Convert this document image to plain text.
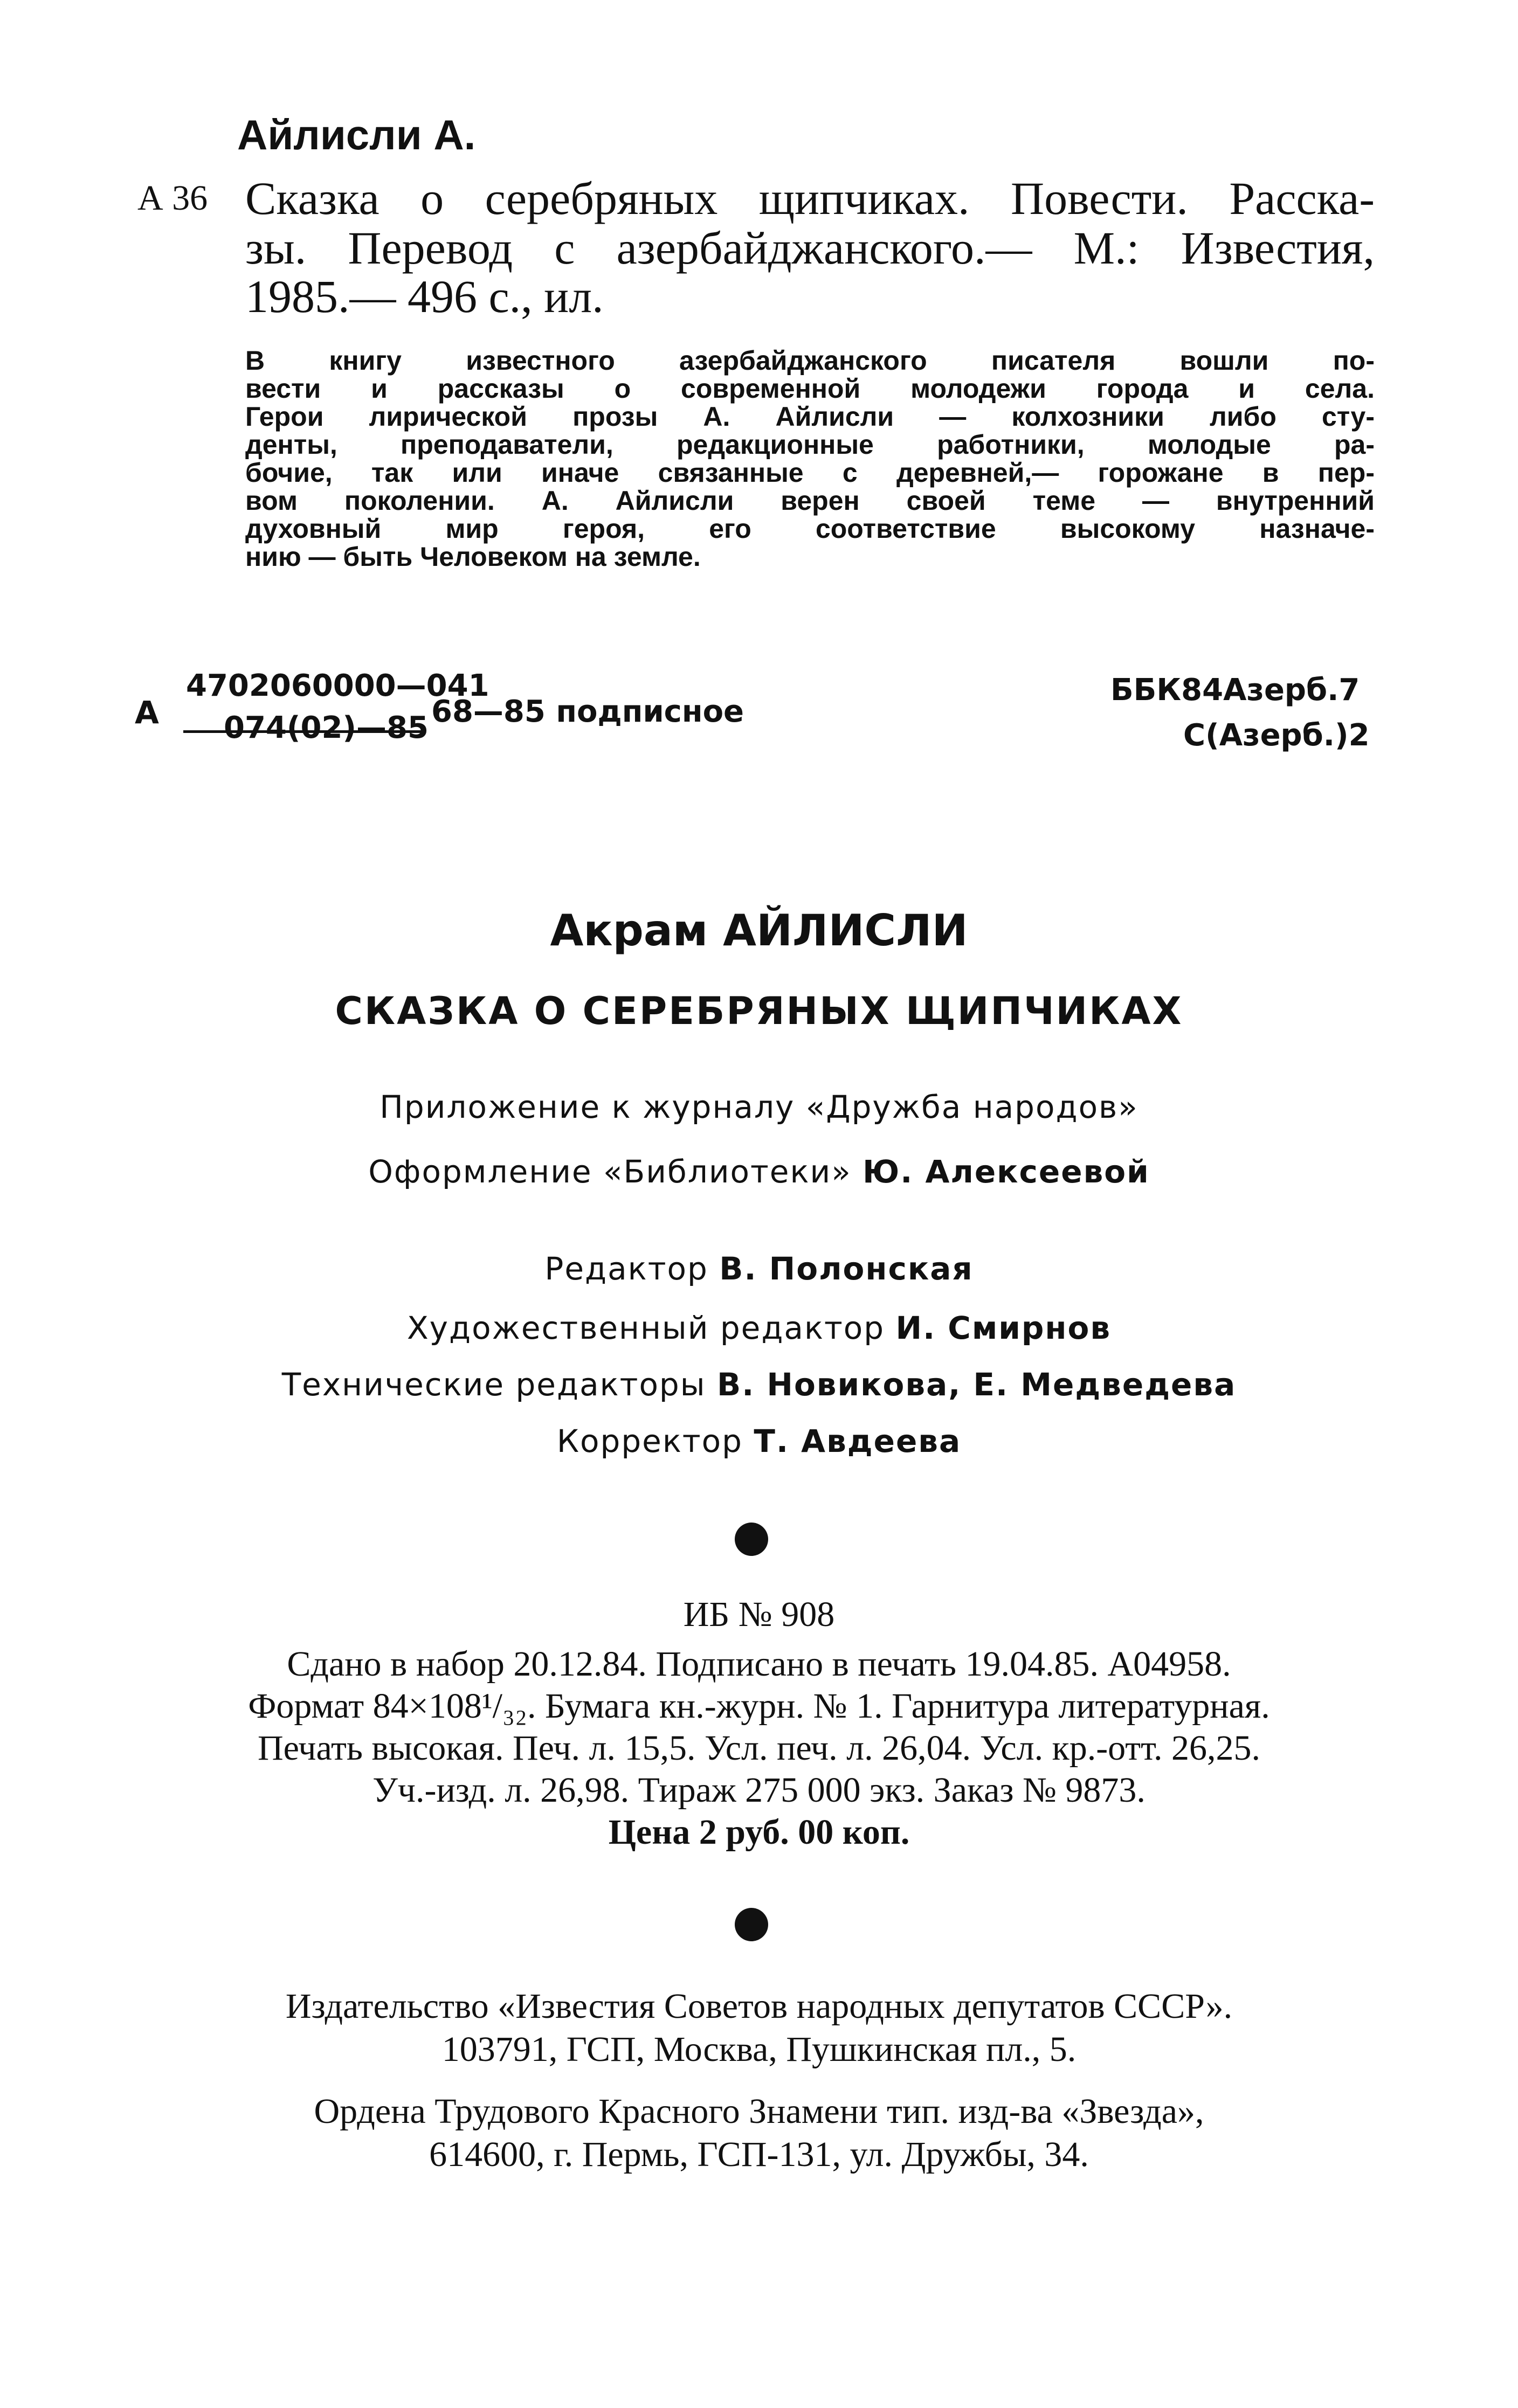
Айлисли А.
А 36 Сказка о серебряных щипчиках. Повести. Расска-
зы. Перевод с азербайджанского.— М.: Известия,
1985.— 496 с., ил.
В книгу известного азербайджанского писателя вошли по-
вести и рассказы о современной молодежи города и села.
Герои лирической прозы А. Айлисли — колхозники либо сту-
денты, преподаватели, редакционные работники, молодые ра-
бочие, так или иначе связанные с деревней,— горожане в пер-
вом поколении. А. Айлисли верен своей теме — внутренний
духовный мир героя, его соответствие высокому назначе-
нию — быть Человеком на земле.
А
4702060000—041
074(02)—85 68—85 подписное
ББК84Азерб.7
С(Азерб.)2
Акрам АЙЛИСЛИ
СКАЗКА О СЕРЕБРЯНЫХ ЩИПЧИКАХ
Приложение к журналу «Дружба народов»
Оформление «Библиотеки» Ю. Алексеевой
Редактор В. Полонская
Художественный редактор И. Смирнов
Технические редакторы В. Новикова, Е. Медведева
Корректор Т. Авдеева
ИБ № 908
Сдано в набор 20.12.84. Подписано в печать 19.04.85. А04958.
Формат 84×108¹/₃₂. Бумага кн.-журн. № 1. Гарнитура литературная.
Печать высокая. Печ. л. 15,5. Усл. печ. л. 26,04. Усл. кр.-отт. 26,25.
Уч.-изд. л. 26,98. Тираж 275 000 экз. Заказ № 9873.
Цена 2 руб. 00 коп.
Издательство «Известия Советов народных депутатов СССР».
103791, ГСП, Москва, Пушкинская пл., 5.
Ордена Трудового Красного Знамени тип. изд-ва «Звезда»,
614600, г. Пермь, ГСП-131, ул. Дружбы, 34.
